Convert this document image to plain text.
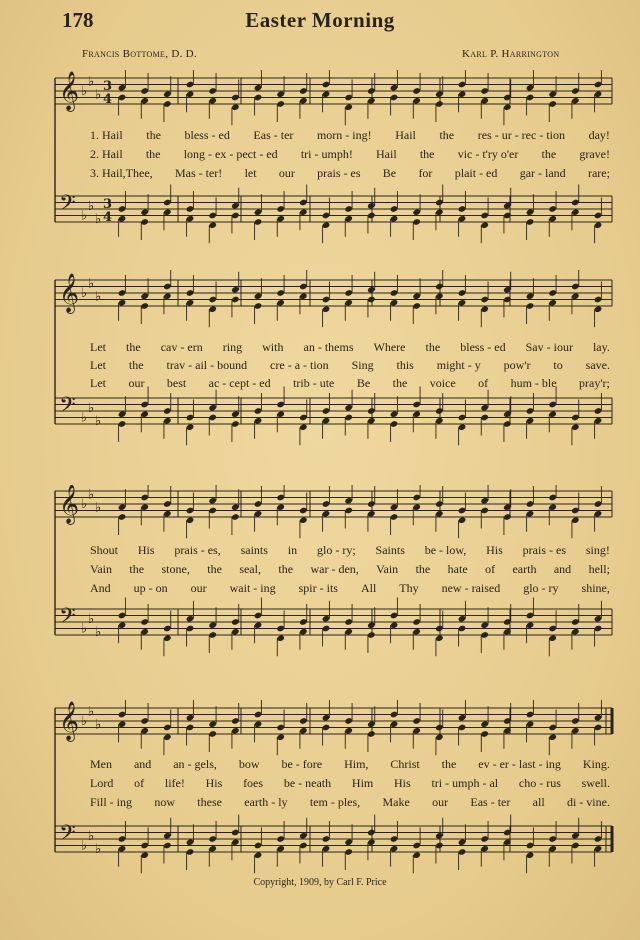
178	Easter Morning
Francis Bottome, D. D.	Karl P. Harrington
𝄞 ♭
♭
♭
3
4
𝄢 ♭
♭
♭
3
4
1. Hail the bless - ed Eas - ter morn - ing! Hail the res - ur - rec - tion day!
2. Hail the long - ex - pect - ed tri - umph! Hail the vic - t'ry o'er the grave!
3. Hail,Thee, Mas - ter! let our prais - es Be for plait - ed gar - land rare;
𝄞 ♭
♭
♭
𝄢 ♭
♭
♭
Let the cav - ern ring with an - thems Where the bless - ed Sav - iour lay.
Let the trav - ail - bound cre - a - tion Sing this might - y pow'r to save.
Let our best ac - cept - ed trib - ute Be the voice of hum - ble pray'r;
𝄞 ♭
♭
♭
𝄢 ♭
♭
♭
Shout His prais - es, saints in glo - ry; Saints be - low, His prais - es sing!
Vain the stone, the seal, the war - den, Vain the hate of earth and hell;
And up - on our wait - ing spir - its All Thy new - raised glo - ry shine,
𝄞 ♭
♭
♭
𝄢 ♭
♭
♭
Men and an - gels, bow be - fore Him, Christ the ev - er - last - ing King.
Lord of life! His foes be - neath Him His tri - umph - al cho - rus swell.
Fill - ing now these earth - ly tem - ples, Make our Eas - ter all di - vine.
Copyright, 1909, by Carl F. Price
